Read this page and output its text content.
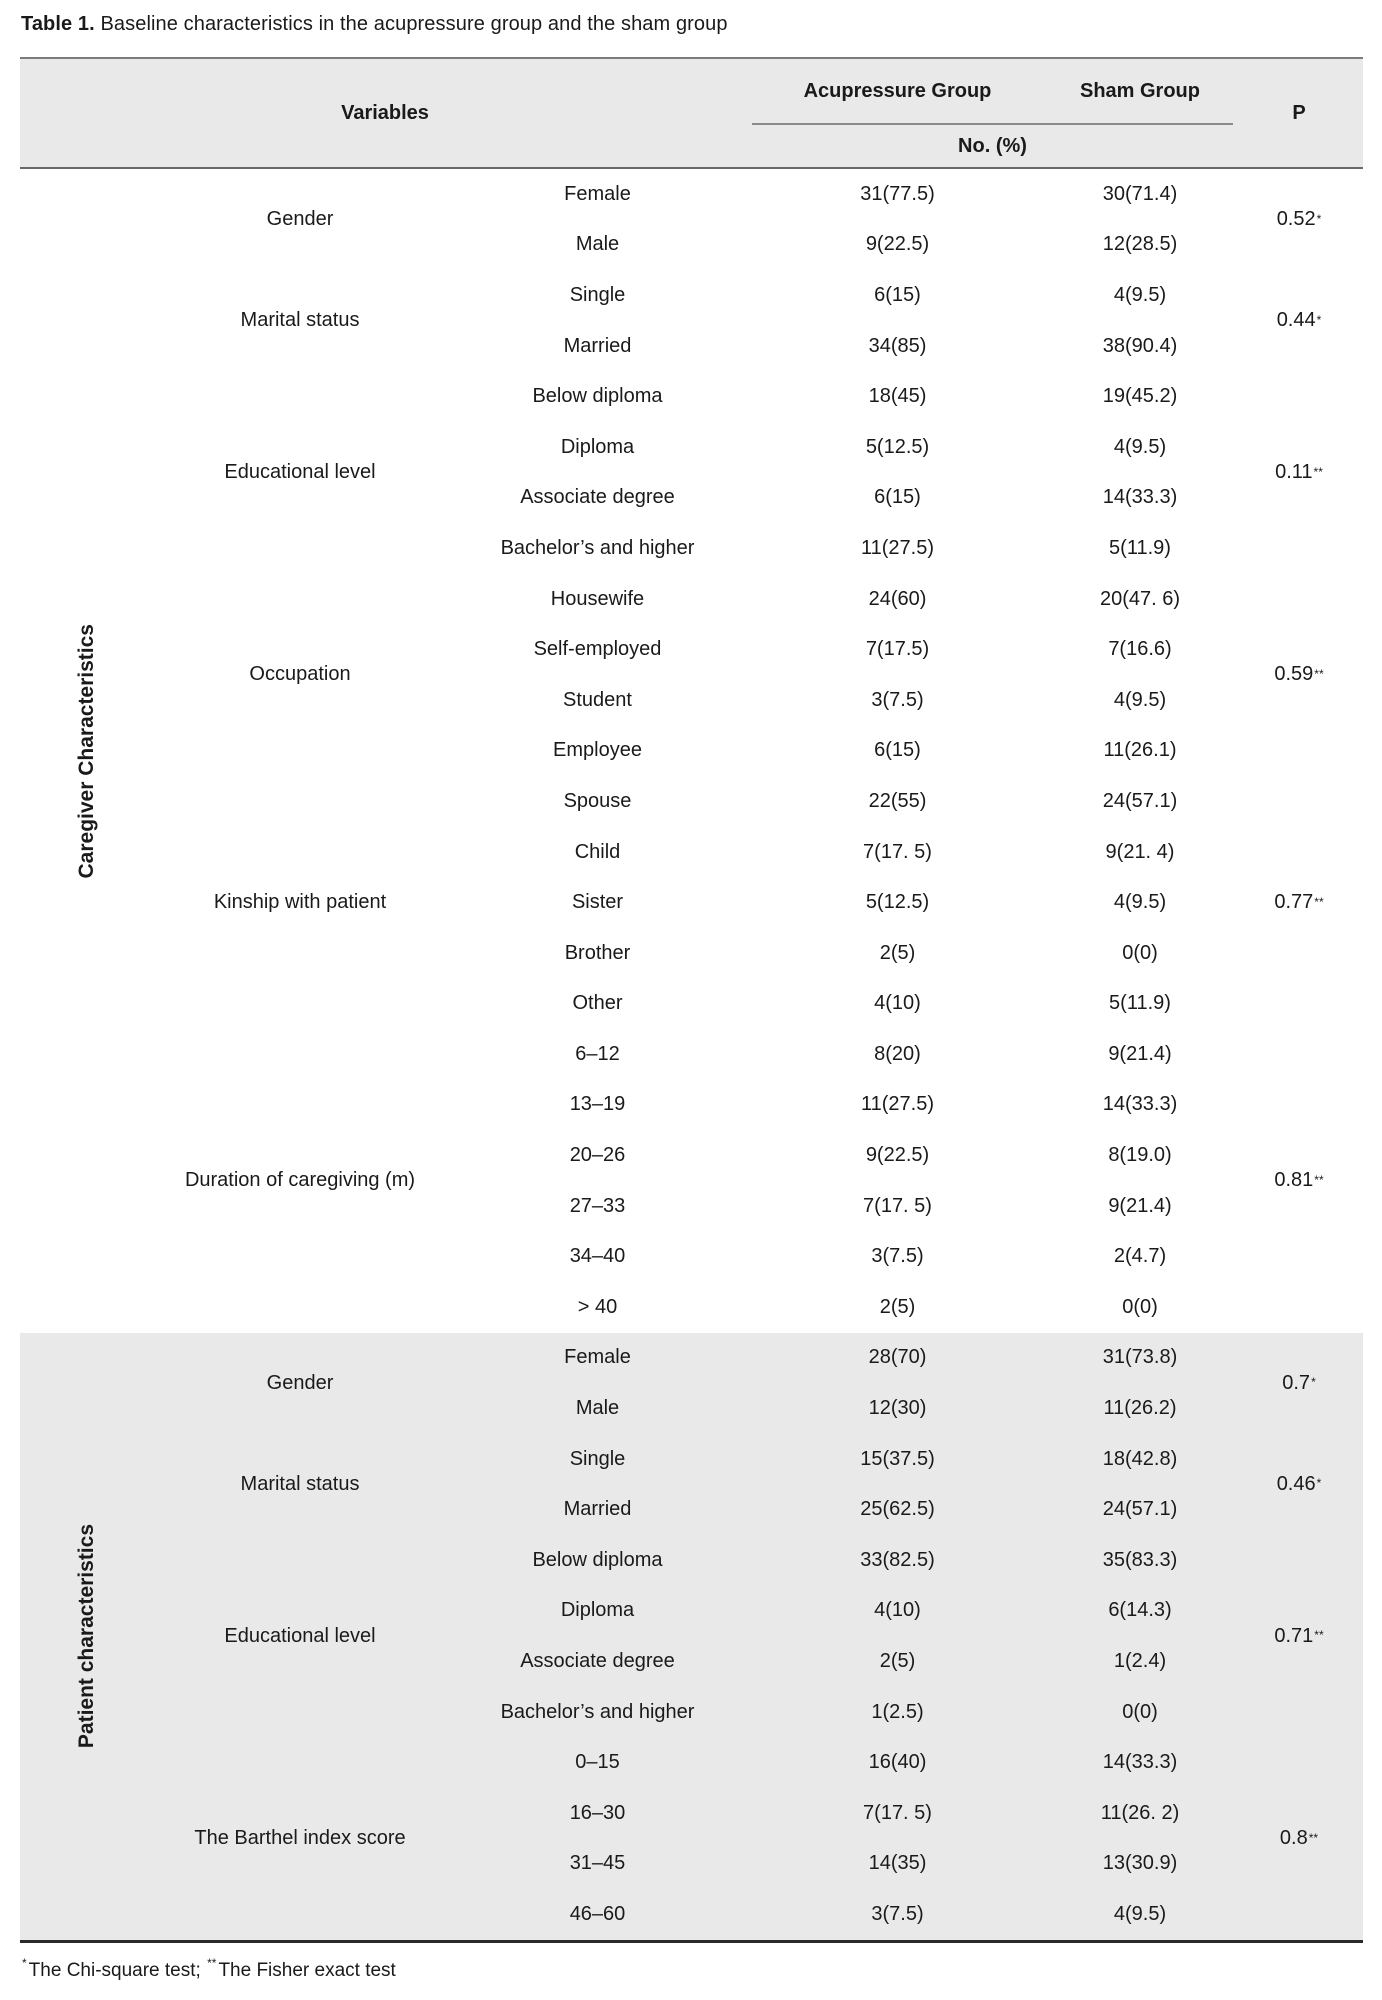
Table 1. Baseline characteristics in the acupressure group and the sham group
Variables
Acupressure Group	Sham Group
No. (%)
P
Caregiver Characteristics
Gender
Female	31(77.5)	30(71.4)
Male	9(22.5)	12(28.5)
0.52*
Marital status
Single	6(15)	4(9.5)
Married	34(85)	38(90.4)
0.44*
Educational level
Below diploma	18(45)	19(45.2)
Diploma	5(12.5)	4(9.5)
Associate degree	6(15)	14(33.3)
Bachelor’s and higher	11(27.5)	5(11.9)
0.11**
Occupation
Housewife	24(60)	20(47. 6)
Self-employed	7(17.5)	7(16.6)
Student	3(7.5)	4(9.5)
Employee	6(15)	11(26.1)
0.59**
Kinship with patient
Spouse	22(55)	24(57.1)
Child	7(17. 5)	9(21. 4)
Sister	5(12.5)	4(9.5)
Brother	2(5)	0(0)
Other	4(10)	5(11.9)
0.77**
Duration of caregiving (m)
6–12	8(20)	9(21.4)
13–19	11(27.5)	14(33.3)
20–26	9(22.5)	8(19.0)
27–33	7(17. 5)	9(21.4)
34–40	3(7.5)	2(4.7)
> 40	2(5)	0(0)
0.81**
Patient characteristics
Gender
Female	28(70)	31(73.8)
Male	12(30)	11(26.2)
0.7*
Marital status
Single	15(37.5)	18(42.8)
Married	25(62.5)	24(57.1)
0.46*
Educational level
Below diploma	33(82.5)	35(83.3)
Diploma	4(10)	6(14.3)
Associate degree	2(5)	1(2.4)
Bachelor’s and higher	1(2.5)	0(0)
0.71**
The Barthel index score
0–15	16(40)	14(33.3)
16–30	7(17. 5)	11(26. 2)
31–45	14(35)	13(30.9)
46–60	3(7.5)	4(9.5)
0.8**
* The Chi-square test; ** The Fisher exact test
